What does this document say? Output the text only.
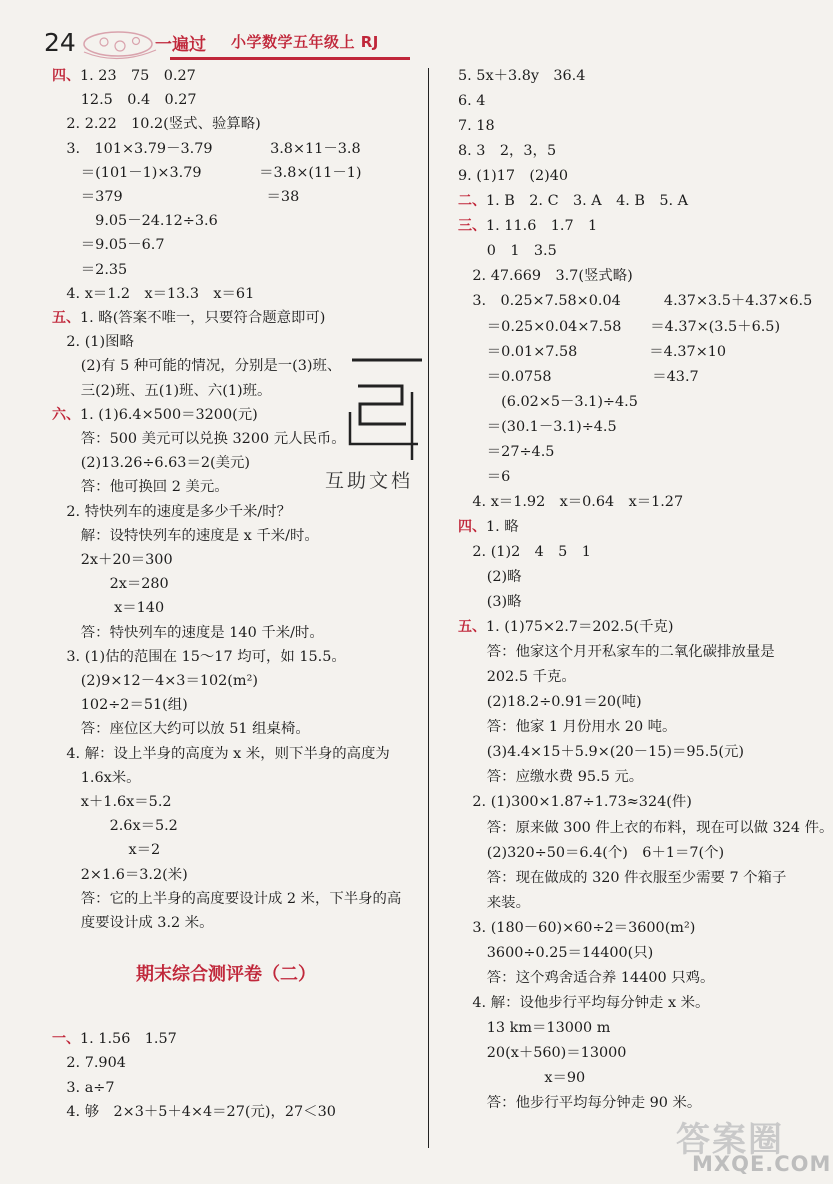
24	一遍过 小学数学五年级上 RJ
四、1. 23　75　0.27
　　12.5　0.4　0.27
　2. 2.22　10.2(竖式、验算略)
　3.　101×3.79－3.79　　　　3.8×11－3.8
　　＝(101－1)×3.79　　　　＝3.8×(11－1)
　　＝379　　　　　　　　　　＝38
　　　9.05－24.12÷3.6
　　＝9.05－6.7
　　＝2.35
　4. x＝1.2　x＝13.3　x＝61
五、1. 略(答案不唯一，只要符合题意即可)
　2. (1)图略
　　(2)有 5 种可能的情况，分别是一(3)班、
　　三(2)班、五(1)班、六(1)班。
六、1. (1)6.4×500＝3200(元)
　　答：500 美元可以兑换 3200 元人民币。
　　(2)13.26÷6.63＝2(美元)
　　答：他可换回 2 美元。
　2. 特快列车的速度是多少千米/时？
　　解：设特快列车的速度是 x 千米/时。
　　2x＋20＝300
　　　　2x＝280
　　　　 x＝140
　　答：特快列车的速度是 140 千米/时。
　3. (1)估的范围在 15～17 均可，如 15.5。
　　(2)9×12－4×3＝102(m²)
　　102÷2＝51(组)
　　答：座位区大约可以放 51 组桌椅。
　4. 解：设上半身的高度为 x 米，则下半身的高度为
　　1.6x米。
　　x＋1.6x＝5.2
　　　　2.6x＝5.2
　　　　　 x＝2
　　2×1.6＝3.2(米)
　　答：它的上半身的高度要设计成 2 米，下半身的高
　　度要设计成 3.2 米。
一、1. 1.56̇　1.57
　2. 7.904
　3. a÷7
　4. 够　2×3＋5＋4×4＝27(元)，27＜30
5. 5x＋3.8y　36.4
6. 4
7. 18
8. 3　2，3，5
9. (1)17　(2)40
二、1. B　2. C　3. A　4. B　5. A
三、1. 11.6　1.7　1
　　0　1　3.5
　2. 47.669　3.7(竖式略)
　3.　0.25×7.58×0.04　　　4.37×3.5＋4.37×6.5
　　＝0.25×0.04×7.58　　＝4.37×(3.5＋6.5)
　　＝0.01×7.58　　　　　＝4.37×10
　　＝0.0758　　　　　　　＝43.7
　　　(6.02×5－3.1)÷4.5
　　＝(30.1－3.1)÷4.5
　　＝27÷4.5
　　＝6
　4. x＝1.92　x＝0.64　x＝1.27
四、1. 略
　2. (1)2　4　5　1
　　(2)略
　　(3)略
五、1. (1)75×2.7＝202.5(千克)
　　答：他家这个月开私家车的二氧化碳排放量是
　　202.5 千克。
　　(2)18.2÷0.91＝20(吨)
　　答：他家 1 月份用水 20 吨。
　　(3)4.4×15＋5.9×(20－15)＝95.5(元)
　　答：应缴水费 95.5 元。
　2. (1)300×1.87÷1.73≈324(件)
　　答：原来做 300 件上衣的布料，现在可以做 324 件。
　　(2)320÷50＝6.4(个)　6＋1＝7(个)
　　答：现在做成的 320 件衣服至少需要 7 个箱子
　　来装。
　3. (180－60)×60÷2＝3600(m²)
　　3600÷0.25＝14400(只)
　　答：这个鸡舍适合养 14400 只鸡。
　4. 解：设他步行平均每分钟走 x 米。
　　13 km＝13000 m
　　20(x＋560)＝13000
　　　　　　x＝90
　　答：他步行平均每分钟走 90 米。
期末综合测评卷（二）
互助文档
答案圈
MXQE.COM
